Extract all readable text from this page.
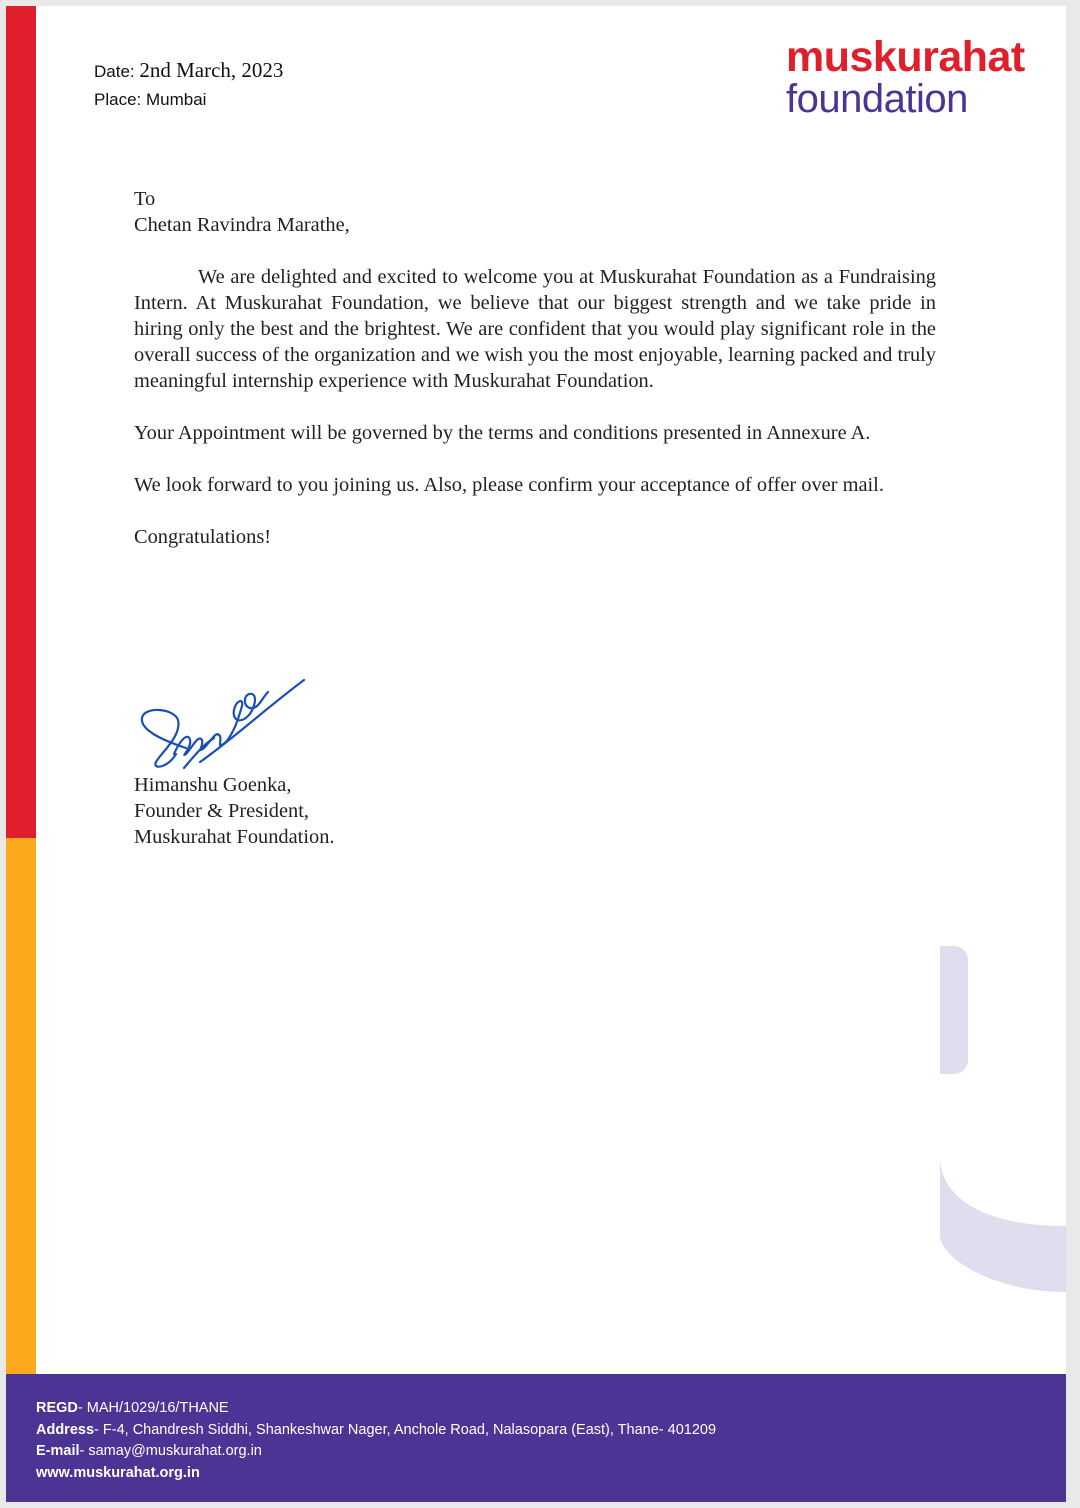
Date: 2nd March, 2023
Place: Mumbai
muskurahat
foundation

To

Chetan Ravindra Marathe,

We are delighted and excited to welcome you at Muskurahat Foundation as a Fundraising Intern. At Muskurahat Foundation, we believe that our biggest strength and we take pride in hiring only the best and the brightest. We are confident that you would play significant role in the overall success of the organization and we wish you the most enjoyable, learning packed and truly meaningful internship experience with Muskurahat Foundation.

Your Appointment will be governed by the terms and conditions presented in Annexure A.

We look forward to you joining us. Also, please confirm your acceptance of offer over mail.

Congratulations!

Himanshu Goenka,
Founder & President,
Muskurahat Foundation.
REGD- MAH/1029/16/THANE
Address- F-4, Chandresh Siddhi, Shankeshwar Nager, Anchole Road, Nalasopara (East), Thane- 401209
E-mail- samay@muskurahat.org.in
www.muskurahat.org.in
